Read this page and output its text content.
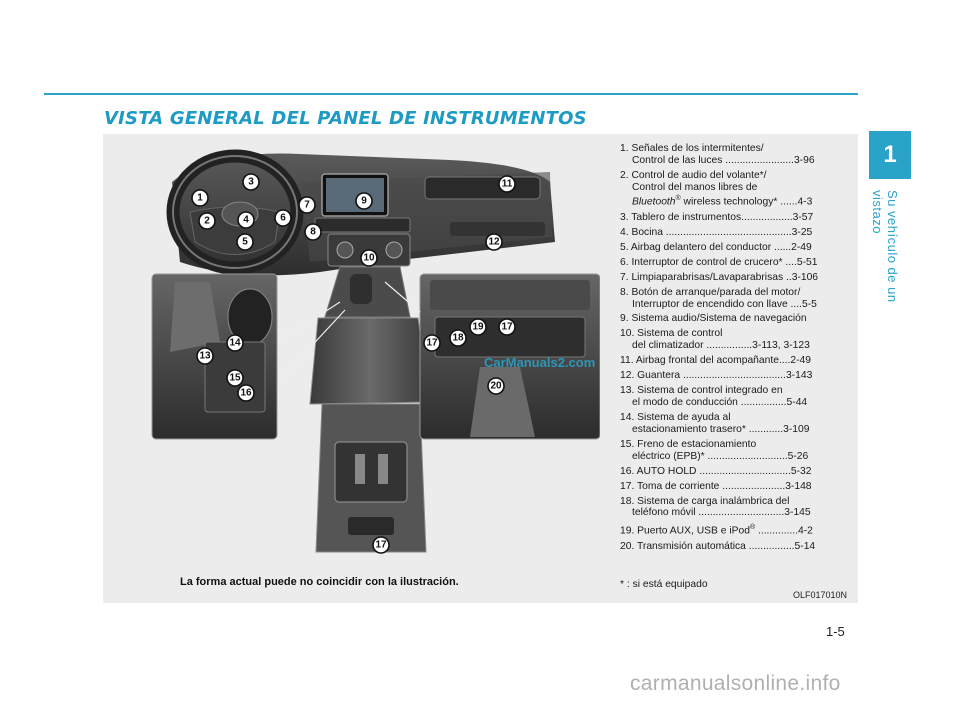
VISTA GENERAL DEL PANEL DE INSTRUMENTOS
1
Su vehículo de un vistazo
1
2
3
4
5
6
7
8
9
10
11
12
13
14
15
16
17 18
19 17
20
17
CarManuals2.com

La forma actual puede no coincidir con la ilustración.

OLF017010N
1. Señales de los intermitentes/
Control de las luces ........................3-96
2. Control de audio del volante*/
Control del manos libres de
Bluetooth® wireless technology* ......4-3
3. Tablero de instrumentos..................3-57
4. Bocina ............................................3-25
5. Airbag delantero del conductor ......2-49
6. Interruptor de control de crucero* ....5-51
7. Limpiaparabrisas/Lavaparabrisas ..3-106
8. Botón de arranque/parada del motor/
Interruptor de encendido con llave ....5-5
9. Sistema audio/Sistema de navegación
10. Sistema de control
del climatizador ................3-113, 3-123
11. Airbag frontal del acompañante....2-49
12. Guantera ....................................3-143
13. Sistema de control integrado en
el modo de conducción ................5-44
14. Sistema de ayuda al
estacionamiento trasero* ............3-109
15. Freno de estacionamiento
eléctrico (EPB)* ............................5-26
16. AUTO HOLD ................................5-32
17. Toma de corriente ......................3-148
18. Sistema de carga inalámbrica del
teléfono móvil ..............................3-145
19. Puerto AUX, USB e iPod® ..............4-2
20. Transmisión automática ................5-14
* : si está equipado
1-5
carmanualsonline.info
